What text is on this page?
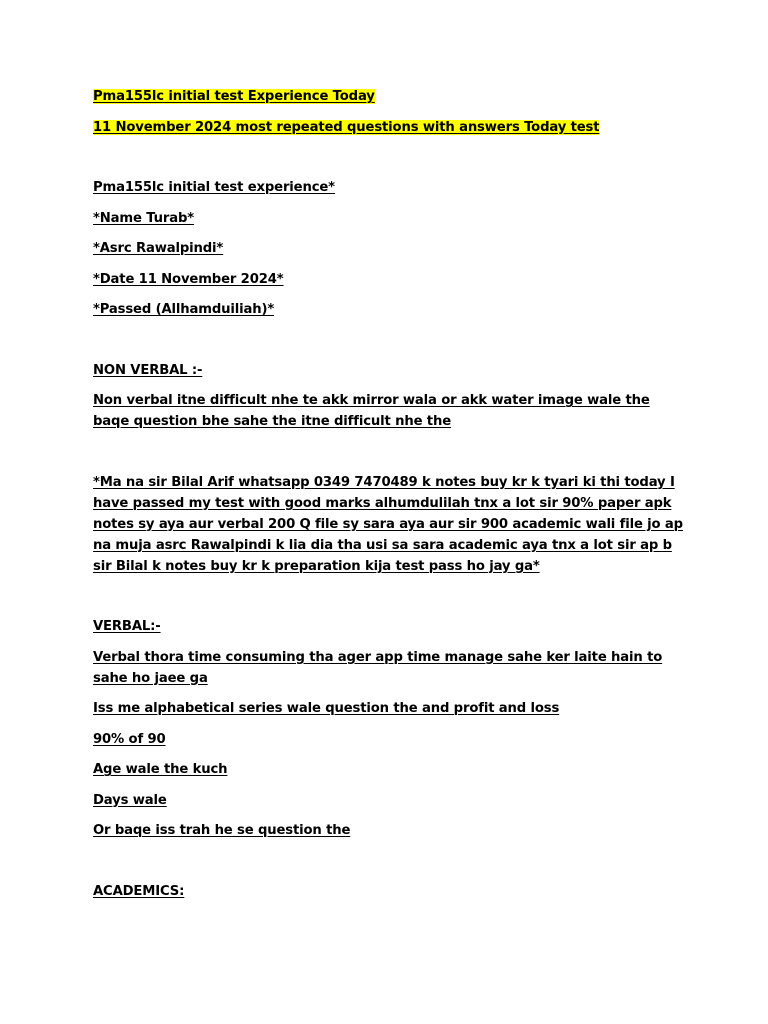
Pma155lc initial test Experience Today

11 November 2024 most repeated questions with answers Today test

Pma155lc initial test experience*

*Name Turab*

*Asrc Rawalpindi*

*Date 11 November 2024*

*Passed (Allhamduiliah)*

NON VERBAL :-

Non verbal itne difficult nhe te akk mirror wala or akk water image wale the baqe question bhe sahe the itne difficult nhe the

*Ma na sir Bilal Arif whatsapp 0349 7470489 k notes buy kr k tyari ki thi today I have passed my test with good marks alhumdulilah tnx a lot sir 90% paper apk notes sy aya aur verbal 200 Q file sy sara aya aur sir 900 academic wali file jo ap na muja asrc Rawalpindi k lia dia tha usi sa sara academic aya tnx a lot sir ap b sir Bilal k notes buy kr k preparation kija test pass ho jay ga*

VERBAL:-

Verbal thora time consuming tha ager app time manage sahe ker laite hain to sahe ho jaee ga

Iss me alphabetical series wale question the and profit and loss

90% of 90

Age wale the kuch

Days wale

Or baqe iss trah he se question the

ACADEMICS:
